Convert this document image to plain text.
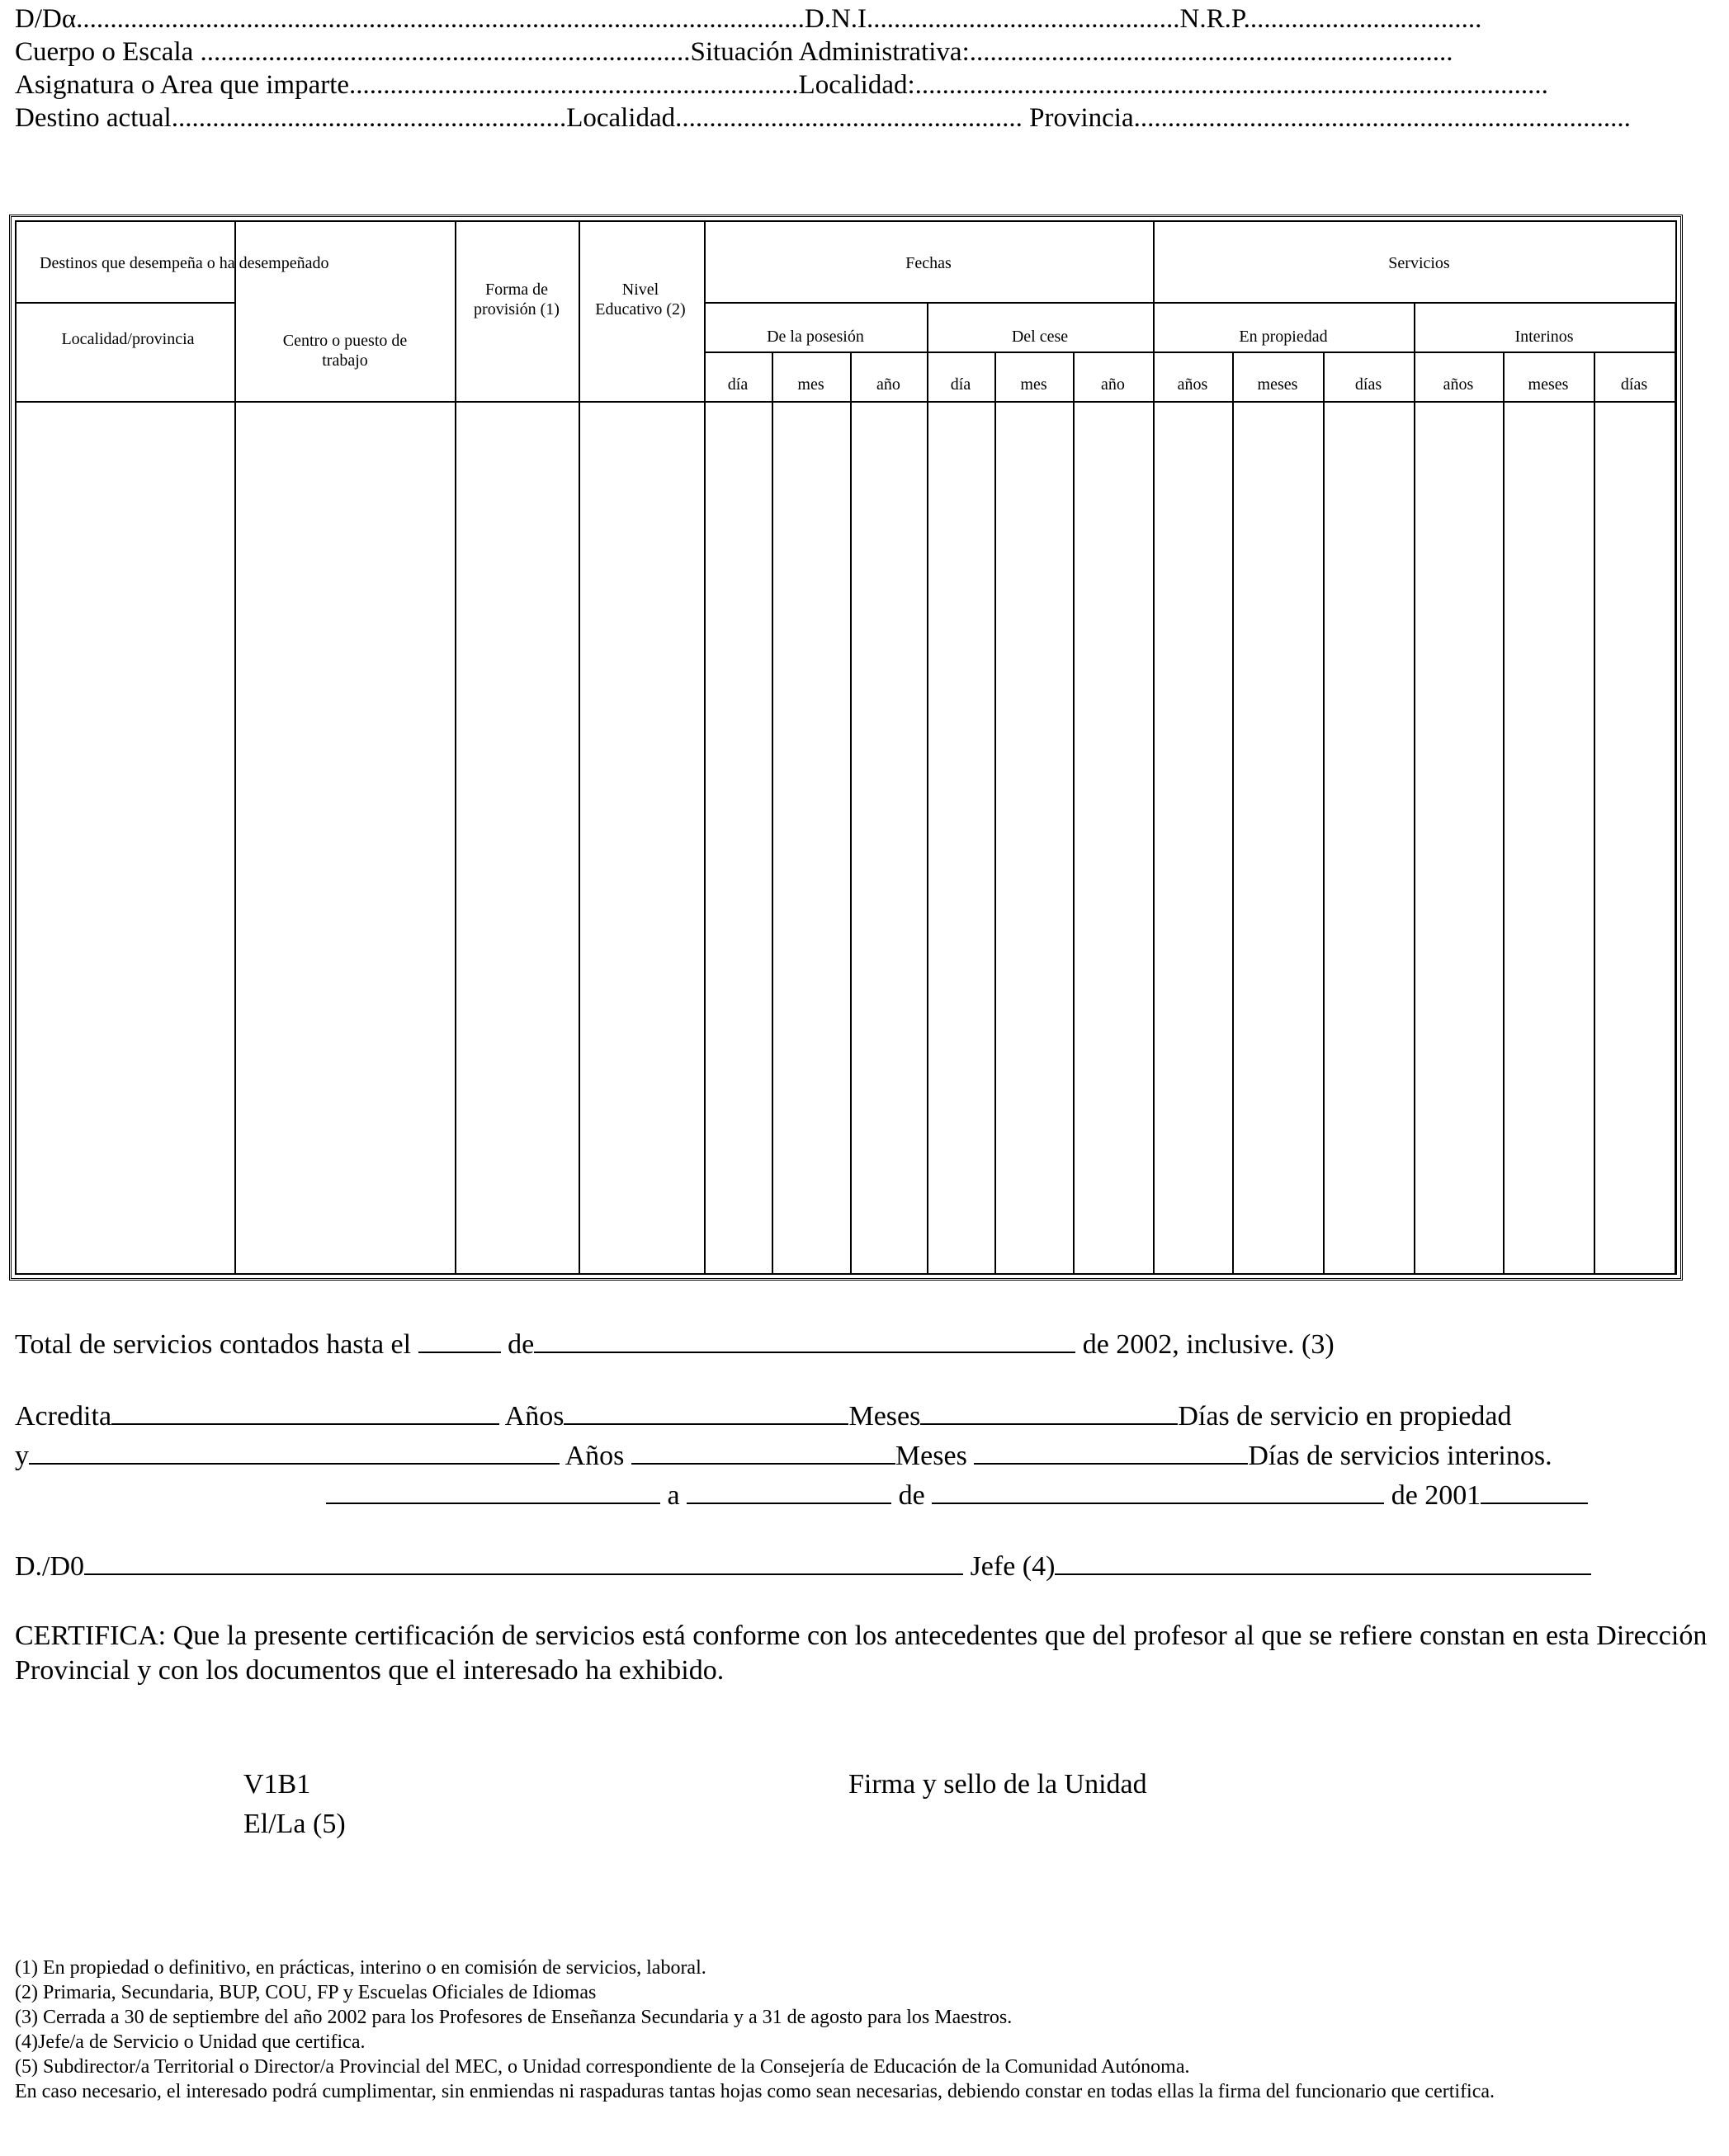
D/Dα...........................................................................................................D.N.I..............................................N.R.P...................................
Cuerpo o Escala ........................................................................Situación Administrativa:.......................................................................
Asignatura o Area que imparte..................................................................Localidad:.............................................................................................
Destino actual..........................................................Localidad................................................... Provincia.........................................................................
Destinos que desempeña o ha desempeñado
Localidad/provincia	Centro o puesto de trabajo
Forma de provisión (1)
Nivel Educativo (2)
Fechas
De la posesión	Del cese
Servicios
En propiedad	Interinos
día	mes	año	día	mes	año	años	meses	días	años	meses	días
Total de servicios contados hasta el	de	de 2002, inclusive. (3)
Acredita	Años	Meses	Días de servicio en propiedad
y	Años	Meses	Días de servicios interinos.
a	de	de 2001
D./D0	Jefe (4)
CERTIFICA: Que la presente certificación de servicios está conforme con los antecedentes que del profesor al que se refiere constan en esta Dirección Provincial y con los documentos que el interesado ha exhibido.
V1B1
El/La (5)
Firma y sello de la Unidad
(1) En propiedad o definitivo, en prácticas, interino o en comisión de servicios, laboral.
(2) Primaria, Secundaria, BUP, COU, FP y Escuelas Oficiales de Idiomas
(3) Cerrada a 30 de septiembre del año 2002 para los Profesores de Enseñanza Secundaria y a 31 de agosto para los Maestros.
(4)Jefe/a de Servicio o Unidad que certifica.
(5) Subdirector/a Territorial o Director/a Provincial del MEC, o Unidad correspondiente de la Consejería de Educación de la Comunidad Autónoma.
En caso necesario, el interesado podrá cumplimentar, sin enmiendas ni raspaduras tantas hojas como sean necesarias, debiendo constar en todas ellas la firma del funcionario que certifica.
